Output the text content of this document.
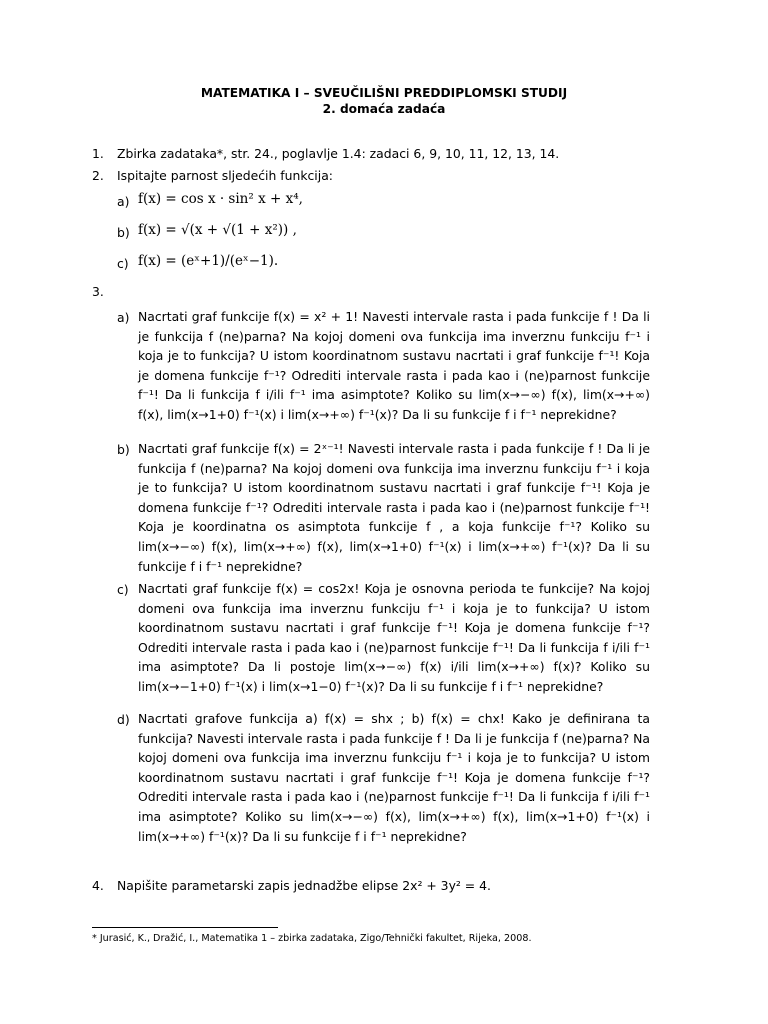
MATEMATIKA I – SVEUČILIŠNI PREDDIPLOMSKI STUDIJ
2. domaća zadaća
1. Zbirka zadataka*, str. 24., poglavlje 1.4: zadaci 6, 9, 10, 11, 12, 13, 14.
2. Ispitajte parnost sljedećih funkcija:
a) f(x) = cos x · sin² x + x⁴,
b) f(x) = √(x + √(1 + x²)) ,
c) f(x) = (eˣ+1)/(eˣ−1).
3.
a) Nacrtati graf funkcije f(x) = x² + 1! Navesti intervale rasta i pada funkcije f ! Da li je funkcija f (ne)parna? Na kojoj domeni ova funkcija ima inverznu funkciju f⁻¹ i koja je to funkcija? U istom koordinatnom sustavu nacrtati i graf funkcije f⁻¹! Koja je domena funkcije f⁻¹? Odrediti intervale rasta i pada kao i (ne)parnost funkcije f⁻¹! Da li funkcija f i/ili f⁻¹ ima asimptote? Koliko su lim(x→−∞) f(x), lim(x→+∞) f(x), lim(x→1+0) f⁻¹(x) i lim(x→+∞) f⁻¹(x)? Da li su funkcije f i f⁻¹ neprekidne?
b) Nacrtati graf funkcije f(x) = 2ˣ⁻¹! Navesti intervale rasta i pada funkcije f ! Da li je funkcija f (ne)parna? Na kojoj domeni ova funkcija ima inverznu funkciju f⁻¹ i koja je to funkcija? U istom koordinatnom sustavu nacrtati i graf funkcije f⁻¹! Koja je domena funkcije f⁻¹? Odrediti intervale rasta i pada kao i (ne)parnost funkcije f⁻¹! Koja je koordinatna os asimptota funkcije f , a koja funkcije f⁻¹? Koliko su lim(x→−∞) f(x), lim(x→+∞) f(x), lim(x→1+0) f⁻¹(x) i lim(x→+∞) f⁻¹(x)? Da li su funkcije f i f⁻¹ neprekidne?
c) Nacrtati graf funkcije f(x) = cos2x! Koja je osnovna perioda te funkcije? Na kojoj domeni ova funkcija ima inverznu funkciju f⁻¹ i koja je to funkcija? U istom koordinatnom sustavu nacrtati i graf funkcije f⁻¹! Koja je domena funkcije f⁻¹? Odrediti intervale rasta i pada kao i (ne)parnost funkcije f⁻¹! Da li funkcija f i/ili f⁻¹ ima asimptote? Da li postoje lim(x→−∞) f(x) i/ili lim(x→+∞) f(x)? Koliko su lim(x→−1+0) f⁻¹(x) i lim(x→1−0) f⁻¹(x)? Da li su funkcije f i f⁻¹ neprekidne?
d) Nacrtati grafove funkcija a) f(x) = shx ; b) f(x) = chx! Kako je definirana ta funkcija? Navesti intervale rasta i pada funkcije f ! Da li je funkcija f (ne)parna? Na kojoj domeni ova funkcija ima inverznu funkciju f⁻¹ i koja je to funkcija? U istom koordinatnom sustavu nacrtati i graf funkcije f⁻¹! Koja je domena funkcije f⁻¹? Odrediti intervale rasta i pada kao i (ne)parnost funkcije f⁻¹! Da li funkcija f i/ili f⁻¹ ima asimptote? Koliko su lim(x→−∞) f(x), lim(x→+∞) f(x), lim(x→1+0) f⁻¹(x) i lim(x→+∞) f⁻¹(x)? Da li su funkcije f i f⁻¹ neprekidne?
4. Napišite parametarski zapis jednadžbe elipse 2x² + 3y² = 4.
* Jurasić, K., Dražić, I., Matematika 1 – zbirka zadataka, Zigo/Tehnički fakultet, Rijeka, 2008.
